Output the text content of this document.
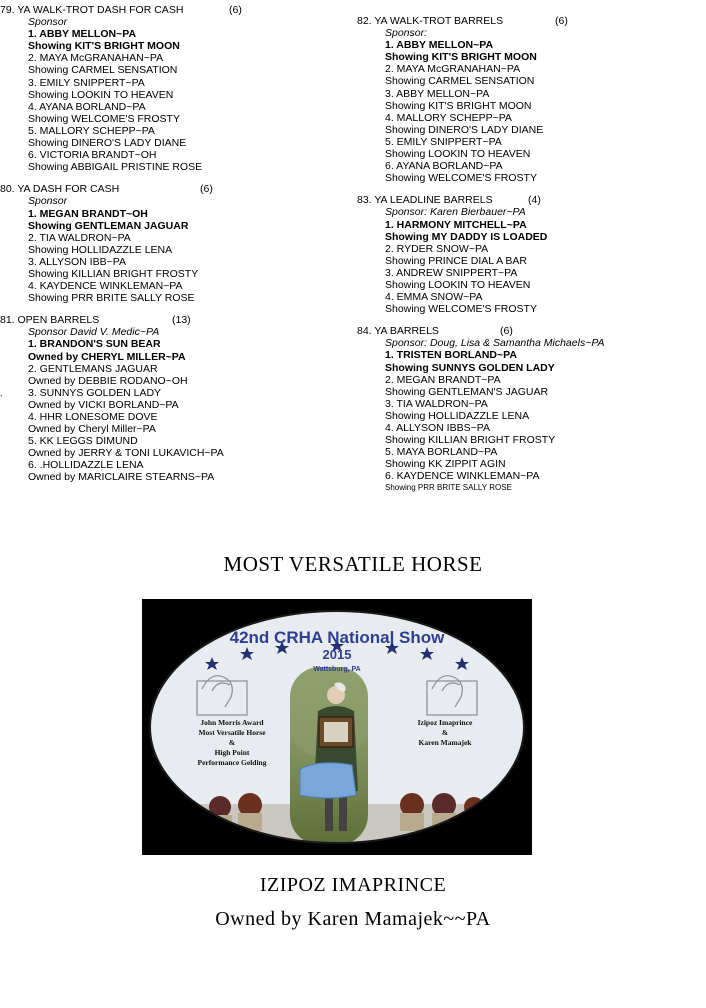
79. YA WALK-TROT DASH FOR CASH	(6)
Sponsor
1. ABBY MELLON~PA
Showing KIT'S BRIGHT MOON
2. MAYA McGRANAHAN~PA
Showing CARMEL SENSATION
3. EMILY SNIPPERT~PA
Showing LOOKIN TO HEAVEN
4. AYANA BORLAND~PA
Showing WELCOME'S FROSTY
5. MALLORY SCHEPP~PA
Showing DINERO'S LADY DIANE
6. VICTORIA BRANDT~OH
Showing ABBIGAIL PRISTINE ROSE
80. YA DASH FOR CASH	(6)
Sponsor
1. MEGAN BRANDT~OH
Showing GENTLEMAN JAGUAR
2. TIA WALDRON~PA
Showing HOLLIDAZZLE LENA
3. ALLYSON IBB~PA
Showing KILLIAN BRIGHT FROSTY
4. KAYDENCE WINKLEMAN~PA
Showing PRR BRITE SALLY ROSE
81. OPEN BARRELS	(13)
Sponsor David V. Medic~PA
1. BRANDON'S SUN BEAR
Owned by CHERYL MILLER~PA
2. GENTLEMANS JAGUAR
Owned by DEBBIE RODANO~OH
3. SUNNYS GOLDEN LADY
Owned by VICKI BORLAND~PA
4. HHR LONESOME DOVE
Owned by Cheryl Miller~PA
5. KK LEGGS DIMUND
Owned by JERRY & TONI LUKAVICH~PA
6. .HOLLIDAZZLE LENA
Owned by MARICLAIRE STEARNS~PA
`
82. YA WALK-TROT BARRELS	(6)
Sponsor:
1. ABBY MELLON~PA
Showing KIT'S BRIGHT MOON
2. MAYA McGRANAHAN~PA
Showing CARMEL SENSATION
3. ABBY MELLON~PA
Showing KIT'S BRIGHT MOON
4. MALLORY SCHEPP~PA
Showing DINERO'S LADY DIANE
5. EMILY SNIPPERT~PA
Showing LOOKIN TO HEAVEN
6. AYANA BORLAND~PA
Showing WELCOME'S FROSTY
83. YA LEADLINE BARRELS	(4)
Sponsor: Karen Bierbauer~PA
1. HARMONY MITCHELL~PA
Showing MY DADDY IS LOADED
2. RYDER SNOW~PA
Showing PRINCE DIAL A BAR
3. ANDREW SNIPPERT~PA
Showing LOOKIN TO HEAVEN
4. EMMA SNOW~PA
Showing WELCOME'S FROSTY
84. YA BARRELS	(6)
Sponsor: Doug, Lisa & Samantha Michaels~PA
1. TRISTEN BORLAND~PA
Showing SUNNYS GOLDEN LADY
2. MEGAN BRANDT~PA
Showing GENTLEMAN'S JAGUAR
3. TIA WALDRON~PA
Showing HOLLIDAZZLE LENA
4. ALLYSON IBBS~PA
Showing KILLIAN BRIGHT FROSTY
5. MAYA BORLAND~PA
Showing KK ZIPPIT AGIN
6. KAYDENCE WINKLEMAN~PA
Showing PRR BRITE SALLY ROSE
MOST VERSATILE HORSE
42nd CRHA National Show
2015
Wattsburg, PA
John Morris Award
Most Versatile Horse
&
High Point
Performance Gelding
Izipoz Imaprince
&
Karen Mamajek
IZIPOZ IMAPRINCE
Owned by Karen Mamajek~~PA
